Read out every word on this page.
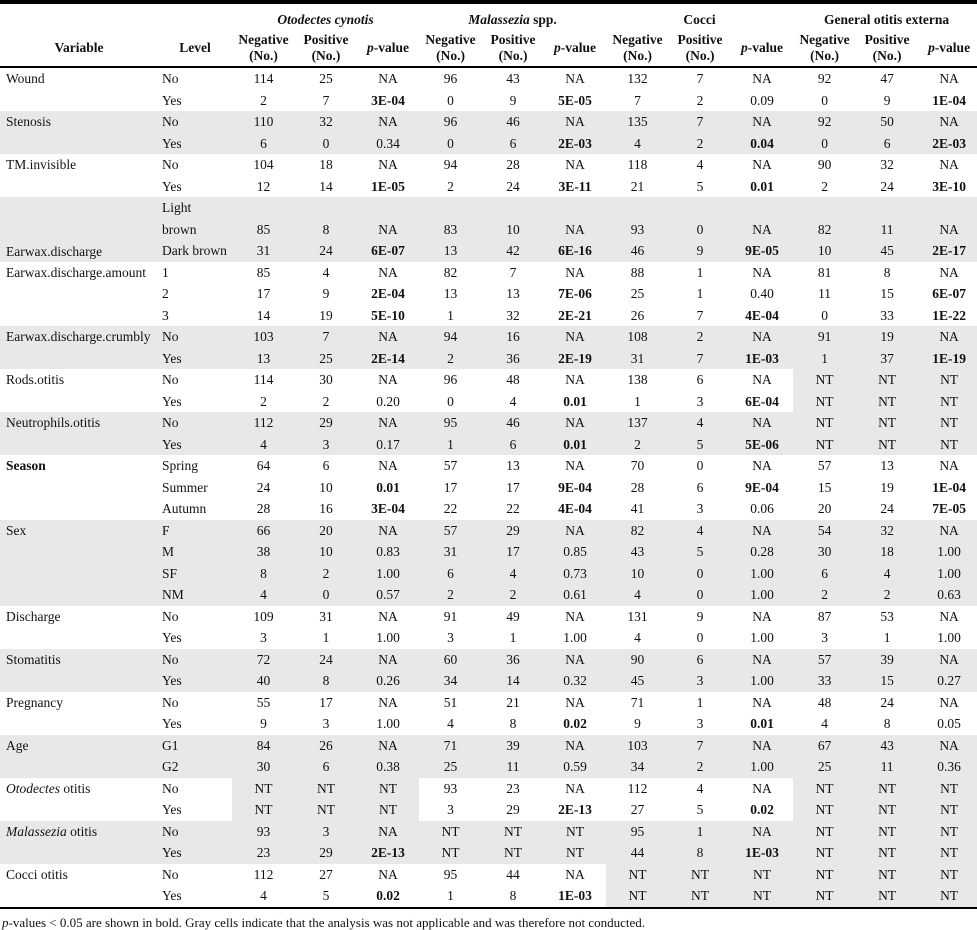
Variable	Level	Otodectes cynotis			Malassezia spp.			Cocci			General otitis externa		
		Negative
(No.)	Positive
(No.)	p-value	Negative
(No.)	Positive
(No.)	p-value	Negative
(No.)	Positive
(No.)	p-value	Negative
(No.)	Positive
(No.)	p-value
Wound	No	114	25	NA	96	43	NA	132	7	NA	92	47	NA
	Yes	2	7	3E-04	0	9	5E-05	7	2	0.09	0	9	1E-04
Stenosis	No	110	32	NA	96	46	NA	135	7	NA	92	50	NA
	Yes	6	0	0.34	0	6	2E-03	4	2	0.04	0	6	2E-03
TM.invisible	No	104	18	NA	94	28	NA	118	4	NA	90	32	NA
	Yes	12	14	1E-05	2	24	3E-11	21	5	0.01	2	24	3E-10
Earwax.discharge	Light
brown	85	8	NA	83	10	NA	93	0	NA	82	11	NA
	Dark brown	31	24	6E-07	13	42	6E-16	46	9	9E-05	10	45	2E-17
Earwax.discharge.amount	1	85	4	NA	82	7	NA	88	1	NA	81	8	NA
	2	17	9	2E-04	13	13	7E-06	25	1	0.40	11	15	6E-07
	3	14	19	5E-10	1	32	2E-21	26	7	4E-04	0	33	1E-22
Earwax.discharge.crumbly	No	103	7	NA	94	16	NA	108	2	NA	91	19	NA
	Yes	13	25	2E-14	2	36	2E-19	31	7	1E-03	1	37	1E-19
Rods.otitis	No	114	30	NA	96	48	NA	138	6	NA	NT	NT	NT
	Yes	2	2	0.20	0	4	0.01	1	3	6E-04	NT	NT	NT
Neutrophils.otitis	No	112	29	NA	95	46	NA	137	4	NA	NT	NT	NT
	Yes	4	3	0.17	1	6	0.01	2	5	5E-06	NT	NT	NT
Season	Spring	64	6	NA	57	13	NA	70	0	NA	57	13	NA
	Summer	24	10	0.01	17	17	9E-04	28	6	9E-04	15	19	1E-04
	Autumn	28	16	3E-04	22	22	4E-04	41	3	0.06	20	24	7E-05
Sex	F	66	20	NA	57	29	NA	82	4	NA	54	32	NA
	M	38	10	0.83	31	17	0.85	43	5	0.28	30	18	1.00
	SF	8	2	1.00	6	4	0.73	10	0	1.00	6	4	1.00
	NM	4	0	0.57	2	2	0.61	4	0	1.00	2	2	0.63
Discharge	No	109	31	NA	91	49	NA	131	9	NA	87	53	NA
	Yes	3	1	1.00	3	1	1.00	4	0	1.00	3	1	1.00
Stomatitis	No	72	24	NA	60	36	NA	90	6	NA	57	39	NA
	Yes	40	8	0.26	34	14	0.32	45	3	1.00	33	15	0.27
Pregnancy	No	55	17	NA	51	21	NA	71	1	NA	48	24	NA
	Yes	9	3	1.00	4	8	0.02	9	3	0.01	4	8	0.05
Age	G1	84	26	NA	71	39	NA	103	7	NA	67	43	NA
	G2	30	6	0.38	25	11	0.59	34	2	1.00	25	11	0.36
Otodectes otitis	No	NT	NT	NT	93	23	NA	112	4	NA	NT	NT	NT
	Yes	NT	NT	NT	3	29	2E-13	27	5	0.02	NT	NT	NT
Malassezia otitis	No	93	3	NA	NT	NT	NT	95	1	NA	NT	NT	NT
	Yes	23	29	2E-13	NT	NT	NT	44	8	1E-03	NT	NT	NT
Cocci otitis	No	112	27	NA	95	44	NA	NT	NT	NT	NT	NT	NT
	Yes	4	5	0.02	1	8	1E-03	NT	NT	NT	NT	NT	NT
p-values < 0.05 are shown in bold. Gray cells indicate that the analysis was not applicable and was therefore not conducted.
